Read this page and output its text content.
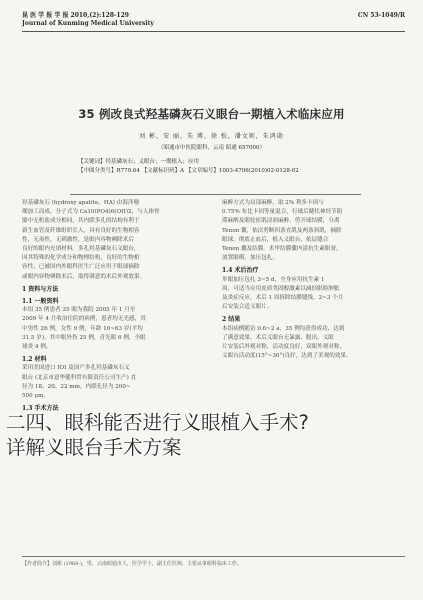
昆 医 学 报 学 报 2010,(2):128-129
Journal of Kunming Medical University
CN 53-1049/R
35 例改良式羟基磷灰石义眼台一期植入术临床应用
刘 彬，安 丽，朱 博，徐 松，潘文则，朱鸿勋
（昭通市中医院眼科，云南 昭通 657000）
【关键词】羟基磷灰石；义眼台；一期植入；应用
【中图分类号】R779.64 【文献标识码】A 【文章编号】1003-4706(2010)02-0128-02
羟基磷灰石 (hydroxy apatite，HA) 由海洋珊
瑚加工而成，分子式为 Ca10(PO4)6(OH)2，与人体骨
骼中无机盐成分相同，其内联多孔的结构有利于
新生血管及纤维组织长入，具有良好的生物相容
性，无毒性，无刺激性，是眼内容物剜除术后
良好的眼内充填材料。多孔羟基磷灰石义眼台，
因其特殊的化学成分和物理结构，良好的生物相
容性，已被国内外眼科医生广泛应用于眼球摘除
或眼内容物剜除术后，取得满意的术后外观效果。
1 资料与方法
1.1 一般资料
本组 35 例患者 35 眼为我院 2005 年 1 月至
2009 年 4 月收治住院的病例，患者均无光感，其
中男性 26 例，女性 9 例，年龄 10~63 岁(平均
31.5 岁)。其中眼外伤 25 例，青光眼 6 例，全眼
球炎 4 例。
1.2 材料
采用美国进口 IOI 及国产多孔羟基磷灰石义
眼台 (北京市意华健科贸有限责任公司生产) 直
径为 18、20、22 mm，内联孔径为 200~
500 μm。
1.3 手术方法
麻醉方式为局部麻醉，取 2% 利多卡因与
0.75% 布比卡因等量混合，行球后睫状神经节阻
滞麻醉及眼轮匝肌浸润麻醉。剪开球结膜，分离
Tenon 囊，依次剪断四条直肌及两条斜肌，摘除
眼球。彻底止血后，植入义眼台，依层缝合
Tenon 囊及结膜。术毕结膜囊内涂抗生素眼膏，
放置眼模，加压包扎。
1.4 术后治疗
单眼加压包扎 3~5 d，全身应用抗生素 1
周，可适当应用皮质类固醇激素以减轻眼睑肿胀
及炎症反应。术后 1 周拆除结膜缝线，2~3 个月
后安装合适义眼片。
2 结果
本组病例随访 0.6~2 a，35 例均获得成功，达到
了满意效果。术后义眼台无暴露、脱出，义眼
片安装后外观对称，活动度良好，双眼外观对称，
义眼台活动度(15°~30°)良好，达到了美观的效果。
二四、眼科能否进行义眼植入手术?
详解义眼台手术方案
【作者简介】刘彬 (1968-)，男，云南昭通市人，医学学士，副主任医师，主要从事眼科临床工作。
